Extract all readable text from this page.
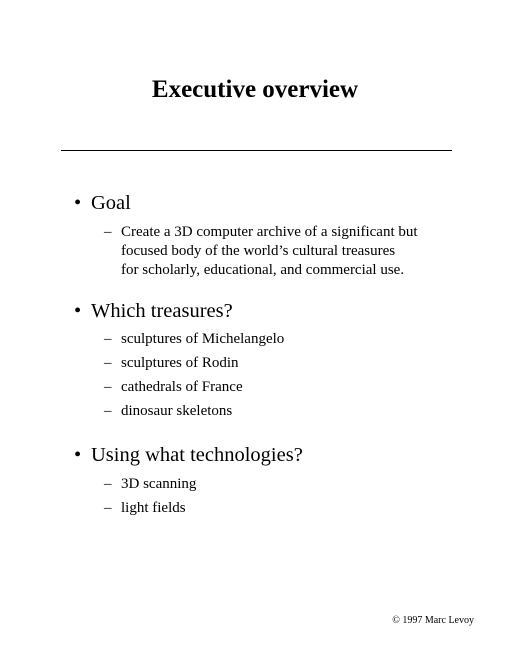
Executive overview
• Goal
– Create a 3D computer archive of a significant but
focused body of the world’s cultural treasures
for scholarly, educational, and commercial use.
• Which treasures?
– sculptures of Michelangelo
– sculptures of Rodin
– cathedrals of France
– dinosaur skeletons
• Using what technologies?
– 3D scanning
– light fields
© 1997 Marc Levoy
